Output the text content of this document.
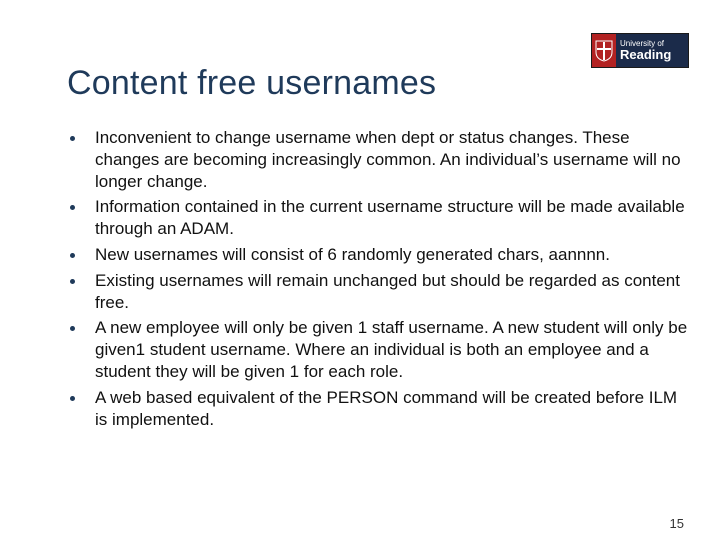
University of
Reading
Content free usernames
Inconvenient to change username when dept or status changes. These changes are becoming increasingly common. An individual’s username will no longer change.
Information contained in the current username structure will be made available through an ADAM.
New usernames will consist of 6 randomly generated chars, aannnn.
Existing usernames will remain unchanged but should be regarded as content free.
A new employee will only be given 1 staff username. A new student will only be given1 student username. Where an individual is both an employee and a student they will be given 1 for each role.
A web based equivalent of the PERSON command will be created before ILM is implemented.
15
